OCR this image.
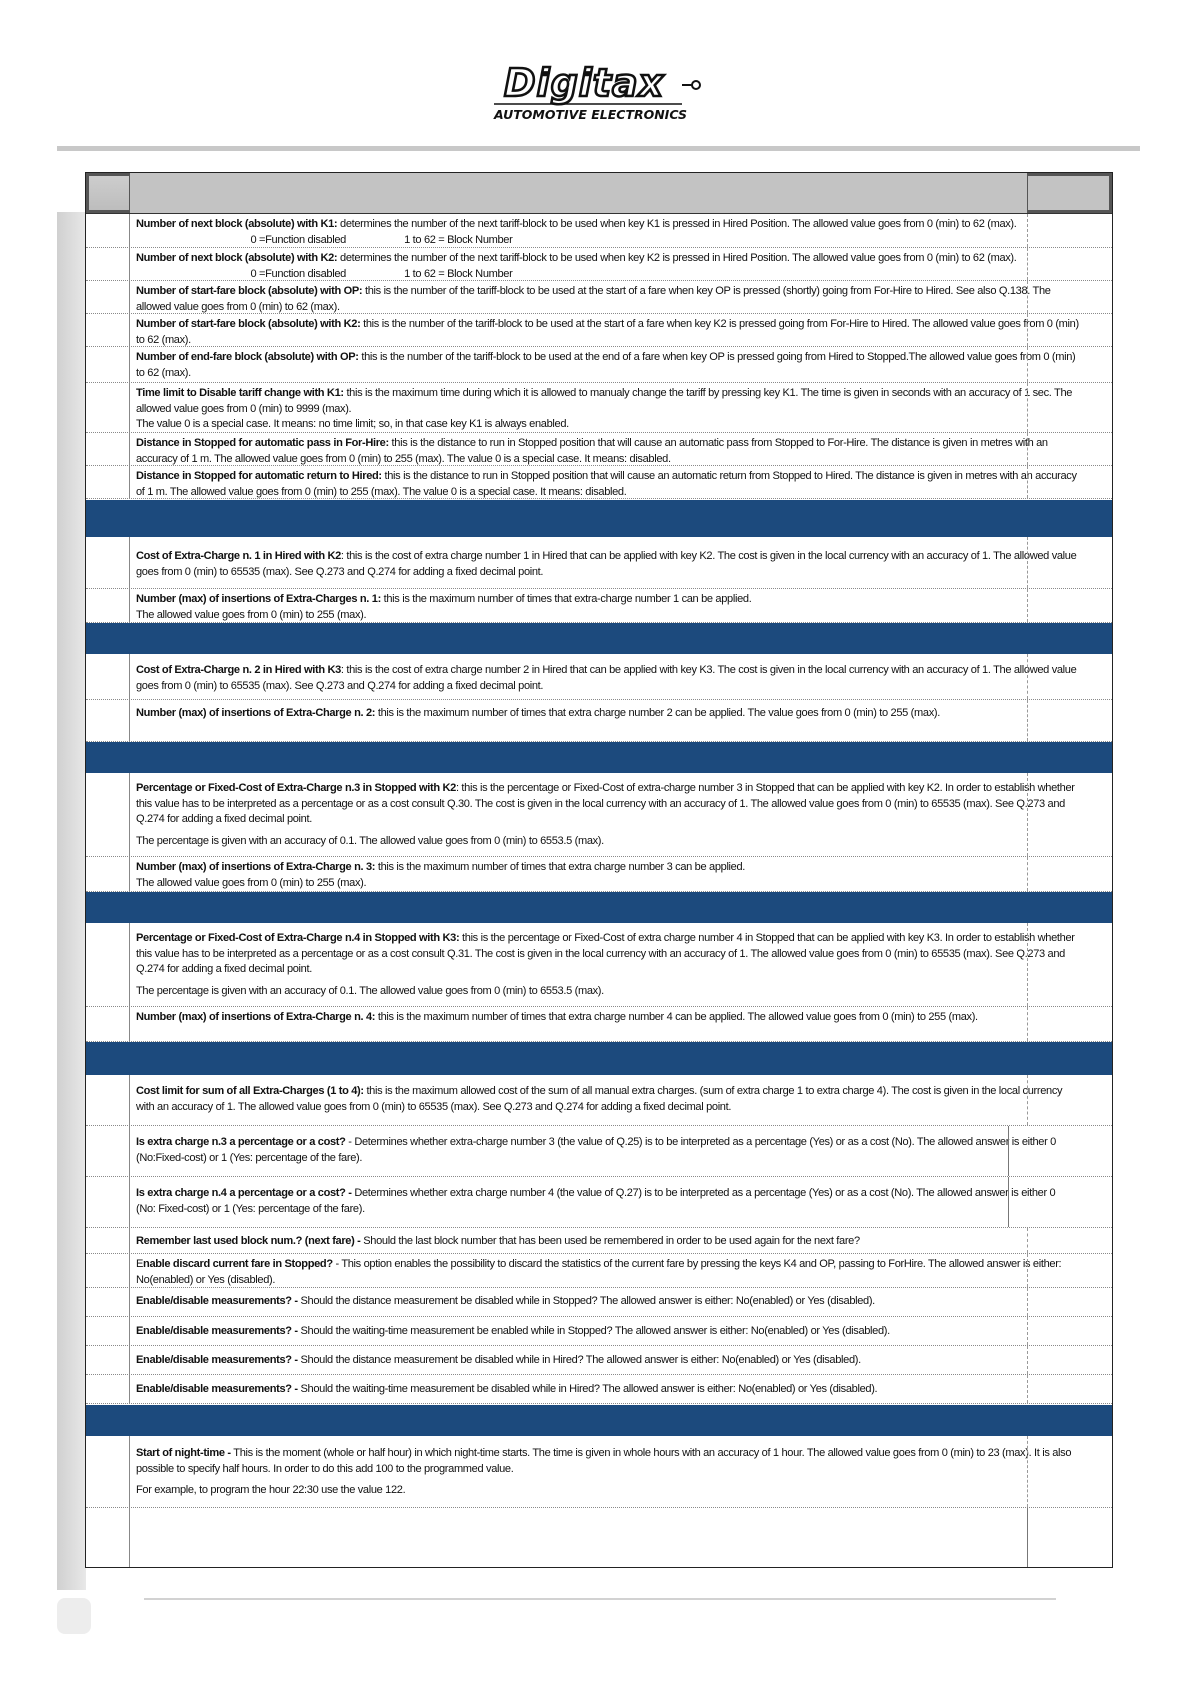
Digitax
AUTOMOTIVE ELECTRONICS

Number of next block (absolute) with K1: determines the number of the next tariff-block to be used when key K1 is pressed in Hired Position. The allowed value goes from 0 (min) to 62 (max).0 =Function disabled	1 to 62 = Block Number

Number of next block (absolute) with K2: determines the number of the next tariff-block to be used when key K2 is pressed in Hired Position. The allowed value goes from 0 (min) to 62 (max).0 =Function disabled	1 to 62 = Block Number

Number of start-fare block (absolute) with OP: this is the number of the tariff-block to be used at the start of a fare when key OP is pressed (shortly) going from For-Hire to Hired. See also Q.138. The allowed value goes from 0 (min) to 62 (max).

Number of start-fare block (absolute) with K2: this is the number of the tariff-block to be used at the start of a fare when key K2 is pressed going from For-Hire to Hired. The allowed value goes from 0 (min) to 62 (max).

Number of end-fare block (absolute) with OP: this is the number of the tariff-block to be used at the end of a fare when key OP is pressed going from Hired to Stopped.The allowed value goes from 0 (min) to 62 (max).

Time limit to Disable tariff change with K1: this is the maximum time during which it is allowed to manualy change the tariff by pressing key K1. The time is given in seconds with an accuracy of 1 sec. The allowed value goes from 0 (min) to 9999 (max).

The value 0 is a special case. It means: no time limit; so, in that case key K1 is always enabled.

Distance in Stopped for automatic pass in For-Hire: this is the distance to run in Stopped position that will cause an automatic pass from Stopped to For-Hire. The distance is given in metres with an accuracy of 1 m. The allowed value goes from 0 (min) to 255 (max). The value 0 is a special case. It means: disabled.

Distance in Stopped for automatic return to Hired: this is the distance to run in Stopped position that will cause an automatic return from Stopped to Hired. The distance is given in metres with an accuracy of 1 m. The allowed value goes from 0 (min) to 255 (max). The value 0 is a special case. It means: disabled.

Cost of Extra-Charge n. 1 in Hired with K2: this is the cost of extra charge number 1 in Hired that can be applied with key K2. The cost is given in the local currency with an accuracy of 1. The allowed value goes from 0 (min) to 65535 (max). See Q.273 and Q.274 for adding a fixed decimal point.

Number (max) of insertions of Extra-Charges n. 1: this is the maximum number of times that extra-charge number 1 can be applied.

The allowed value goes from 0 (min) to 255 (max).

Cost of Extra-Charge n. 2 in Hired with K3: this is the cost of extra charge number 2 in Hired that can be applied with key K3. The cost is given in the local currency with an accuracy of 1. The allowed value goes from 0 (min) to 65535 (max). See Q.273 and Q.274 for adding a fixed decimal point.

Number (max) of insertions of Extra-Charge n. 2: this is the maximum number of times that extra charge number 2 can be applied. The value goes from 0 (min) to 255 (max).

Percentage or Fixed-Cost of Extra-Charge n.3 in Stopped with K2: this is the percentage or Fixed-Cost of extra-charge number 3 in Stopped that can be applied with key K2. In order to establish whether this value has to be interpreted as a percentage or as a cost consult Q.30. The cost is given in the local currency with an accuracy of 1. The allowed value goes from 0 (min) to 65535 (max). See Q.273 and Q.274 for adding a fixed decimal point.

The percentage is given with an accuracy of 0.1. The allowed value goes from 0 (min) to 6553.5 (max).

Number (max) of insertions of Extra-Charge n. 3: this is the maximum number of times that extra charge number 3 can be applied.

The allowed value goes from 0 (min) to 255 (max).

Percentage or Fixed-Cost of Extra-Charge n.4 in Stopped with K3: this is the percentage or Fixed-Cost of extra charge number 4 in Stopped that can be applied with key K3. In order to establish whether this value has to be interpreted as a percentage or as a cost consult Q.31. The cost is given in the local currency with an accuracy of 1. The allowed value goes from 0 (min) to 65535 (max). See Q.273 and Q.274 for adding a fixed decimal point.

The percentage is given with an accuracy of 0.1. The allowed value goes from 0 (min) to 6553.5 (max).

Number (max) of insertions of Extra-Charge n. 4: this is the maximum number of times that extra charge number 4 can be applied. The allowed value goes from 0 (min) to 255 (max).

Cost limit for sum of all Extra-Charges (1 to 4): this is the maximum allowed cost of the sum of all manual extra charges. (sum of extra charge 1 to extra charge 4). The cost is given in the local currency with an accuracy of 1. The allowed value goes from 0 (min) to 65535 (max). See Q.273 and Q.274 for adding a fixed decimal point.

Is extra charge n.3 a percentage or a cost? - Determines whether extra-charge number 3 (the value of Q.25) is to be interpreted as a percentage (Yes) or as a cost (No). The allowed answer is either 0 (No:Fixed-cost) or 1 (Yes: percentage of the fare).

Is extra charge n.4 a percentage or a cost? - Determines whether extra charge number 4 (the value of Q.27) is to be interpreted as a percentage (Yes) or as a cost (No). The allowed answer is either 0 (No: Fixed-cost) or 1 (Yes: percentage of the fare).

Remember last used block num.? (next fare) - Should the last block number that has been used be remembered in order to be used again for the next fare?

Enable discard current fare in Stopped? - This option enables the possibility to discard the statistics of the current fare by pressing the keys K4 and OP, passing to ForHire. The allowed answer is either: No(enabled) or Yes (disabled).

Enable/disable measurements? - Should the distance measurement be disabled while in Stopped? The allowed answer is either: No(enabled) or Yes (disabled).

Enable/disable measurements? - Should the waiting-time measurement be enabled while in Stopped? The allowed answer is either: No(enabled) or Yes (disabled).

Enable/disable measurements? - Should the distance measurement be disabled while in Hired? The allowed answer is either: No(enabled) or Yes (disabled).

Enable/disable measurements? - Should the waiting-time measurement be disabled while in Hired? The allowed answer is either: No(enabled) or Yes (disabled).

Start of night-time - This is the moment (whole or half hour) in which night-time starts. The time is given in whole hours with an accuracy of 1 hour. The allowed value goes from 0 (min) to 23 (max). It is also possible to specify half hours. In order to do this add 100 to the programmed value.

For example, to program the hour 22:30 use the value 122.
